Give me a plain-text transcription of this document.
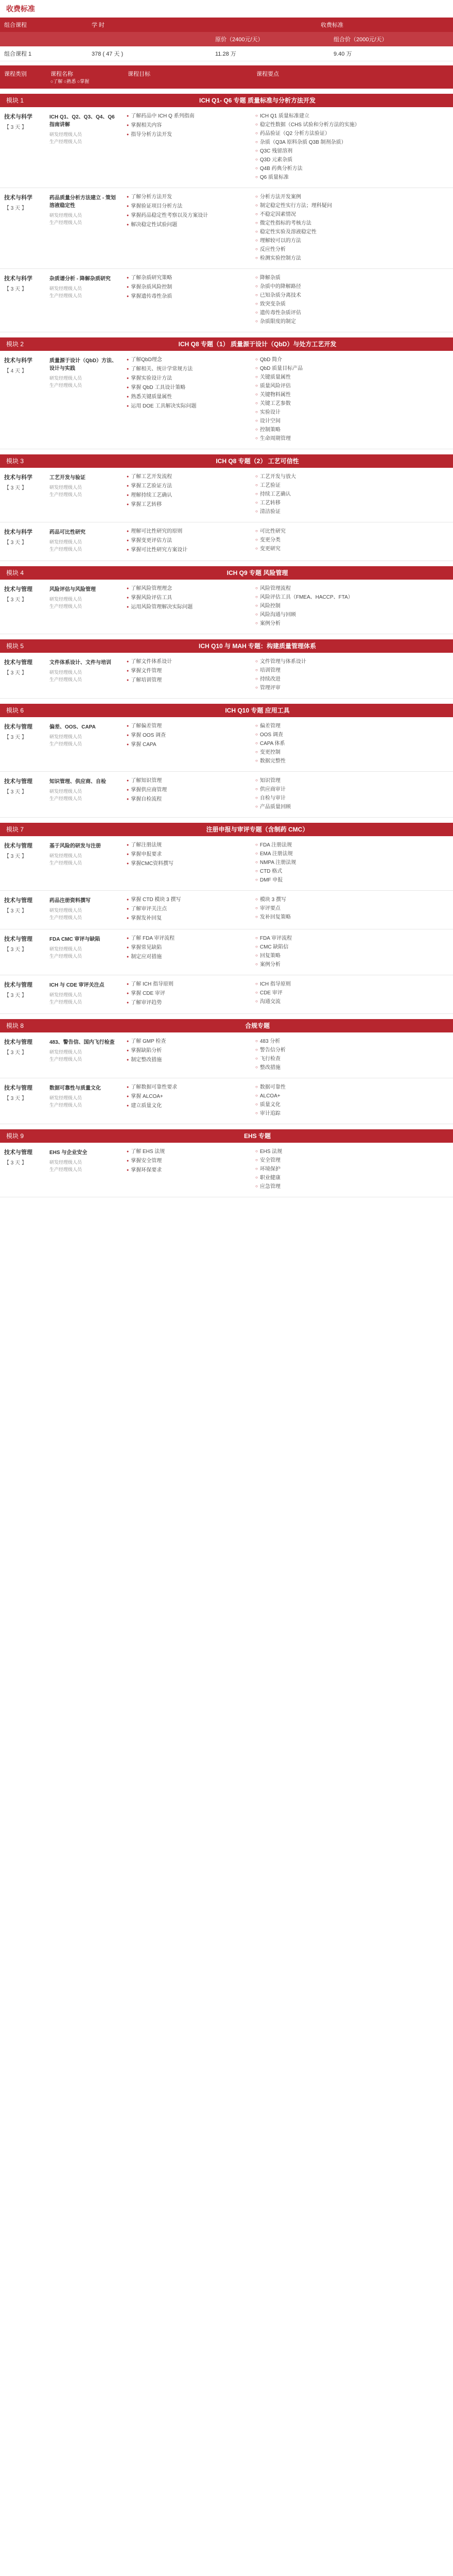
收费标准
组合课程	学 时	收费标准
原价（2400元/天）	组合价（2000元/天）
组合课程 1	378 ( 47 天 )	11.28 万	9.40 万
课程类别	课程名称
○了解 ○熟悉 ○掌握
课程目标	课程要点
模块 1	ICH Q1- Q6 专题 质量标准与分析方法开发
技术与科学
【 3 天 】
ICH Q1、Q2、Q3、Q4、Q6 指南讲解
研发经理级人员
生产经理级人员
● 了解药品中 ICH Q 系列指南
● 掌握相关内容
● 指导分析方法开发
○ ICH Q1 质量标准建立
○ 稳定性数据（CHS 试验和分析方法的实施）
○ 药品验证（Q2 分析方法验证）
○ 杂质（Q3A 原料杂质 Q3B 制剂杂质）
○ Q3C 残留溶剂
○ Q3D 元素杂质
○ Q4B 药典分析方法
○ Q6 质量标准
技术与科学
【 3 天 】
药品质量分析方法建立 - 策划溶液稳定性
研发经理级人员
生产经理级人员
● 了解分析方法开发
● 掌握验证项目分析方法
● 掌握药品稳定性考察以及方案设计
● 解决稳定性试验问题
○ 分析方法开发案例
○ 制定稳定性实行方法；理科疑问
○ 不稳定因素情况
○ 微定性指标的考核方法
○ 稳定性实验及溶液稳定性
○ 理解较可以的方法
○ 反应性分析
○ 检测实验控制方法
技术与科学
【 3 天 】
杂质谱分析 - 降解杂质研究
研发经理级人员
生产经理级人员
● 了解杂质研究策略
● 掌握杂质风险控制
● 掌握遗传毒性杂质
○ 降解杂质
○ 杂质中的降解路径
○ 已知杂质分离技术
○ 致突变杂质
○ 遗传毒性杂质评估
○ 杂质限度的制定
模块 2	ICH Q8 专题（1） 质量源于设计（QbD）与处方工艺开发
技术与科学
【 4 天 】
质量源于设计（QbD）方法、设计与实践
研发经理级人员
生产经理级人员
● 了解QbD理念
● 了解相关、统计学常规方法
● 掌握实验设计方法
● 掌握 QbD 工具设计策略
● 熟悉关键质量属性
● 运用 DOE 工具解决实际问题
○ QbD 简介
○ QbD 质量目标产品
○ 关键质量属性
○ 质量风险评估
○ 关键物料属性
○ 关键工艺参数
○ 实验设计
○ 设计空间
○ 控制策略
○ 生命周期管理
模块 3	ICH Q8 专题（2） 工艺可信性
技术与科学
【 3 天 】
工艺开发与验证
研发经理级人员
生产经理级人员
● 了解工艺开发流程
● 掌握工艺验证方法
● 理解持续工艺确认
● 掌握工艺转移
○ 工艺开发与放大
○ 工艺验证
○ 持续工艺确认
○ 工艺转移
○ 清洁验证
技术与科学
【 3 天 】
药品可比性研究
研发经理级人员
生产经理级人员
● 理解可比性研究的原则
● 掌握变更评估方法
● 掌握可比性研究方案设计
○ 可比性研究
○ 变更分类
○ 变更研究
模块 4	ICH Q9 专题 风险管理
技术与管理
【 3 天 】
风险评估与风险管理
研发经理级人员
生产经理级人员
● 了解风险管理理念
● 掌握风险评估工具
● 运用风险管理解决实际问题
○ 风险管理流程
○ 风险评估工具（FMEA、HACCP、FTA）
○ 风险控制
○ 风险沟通与回顾
○ 案例分析
模块 5	ICH Q10 与 MAH 专题：构建质量管理体系
技术与管理
【 3 天 】
文件体系设计、文件与培训
研发经理级人员
生产经理级人员
● 了解文件体系设计
● 掌握文件管理
● 了解培训管理
○ 文件管理与体系设计
○ 培训管理
○ 持续改进
○ 管理评审
模块 6	ICH Q10 专题 应用工具
技术与管理
【 3 天 】
偏差、OOS、CAPA
研发经理级人员
生产经理级人员
● 了解偏差管理
● 掌握 OOS 调查
● 掌握 CAPA
○ 偏差管理
○ OOS 调查
○ CAPA 体系
○ 变更控制
○ 数据完整性
技术与管理
【 3 天 】
知识管理、供应商、自检
研发经理级人员
生产经理级人员
● 了解知识管理
● 掌握供应商管理
● 掌握自检流程
○ 知识管理
○ 供应商审计
○ 自检与审计
○ 产品质量回顾
模块 7	注册申报与审评专题（含制药 CMC）
技术与管理
【 3 天 】
基于风险的研发与注册
研发经理级人员
生产经理级人员
● 了解注册法规
● 掌握申报要求
● 掌握CMC资料撰写
○ FDA 注册法规
○ EMA 注册法规
○ NMPA 注册法规
○ CTD 格式
○ DMF 申报
技术与管理
【 3 天 】
药品注册资料撰写
研发经理级人员
生产经理级人员
● 掌握 CTD 模块 3 撰写
● 了解审评关注点
● 掌握发补回复
○ 模块 3 撰写
○ 审评要点
○ 发补回复策略
技术与管理
【 3 天 】
FDA CMC 审评与缺陷
研发经理级人员
生产经理级人员
● 了解 FDA 审评流程
● 掌握常见缺陷
● 制定应对措施
○ FDA 审评流程
○ CMC 缺陷信
○ 回复策略
○ 案例分析
技术与管理
【 3 天 】
ICH 与 CDE 审评关注点
研发经理级人员
生产经理级人员
● 了解 ICH 指导原则
● 掌握 CDE 审评
● 了解审评趋势
○ ICH 指导原则
○ CDE 审评
○ 沟通交流
模块 8	合规专题
技术与管理
【 3 天 】
483、警告信、国内飞行检查
研发经理级人员
生产经理级人员
● 了解 GMP 检查
● 掌握缺陷分析
● 制定整改措施
○ 483 分析
○ 警告信分析
○ 飞行检查
○ 整改措施
技术与管理
【 3 天 】
数据可靠性与质量文化
研发经理级人员
生产经理级人员
● 了解数据可靠性要求
● 掌握 ALCOA+
● 建立质量文化
○ 数据可靠性
○ ALCOA+
○ 质量文化
○ 审计追踪
模块 9	EHS 专题
技术与管理
【 3 天 】
EHS 与企业安全
研发经理级人员
生产经理级人员
● 了解 EHS 法规
● 掌握安全管理
● 掌握环保要求
○ EHS 法规
○ 安全管理
○ 环境保护
○ 职业健康
○ 应急管理
